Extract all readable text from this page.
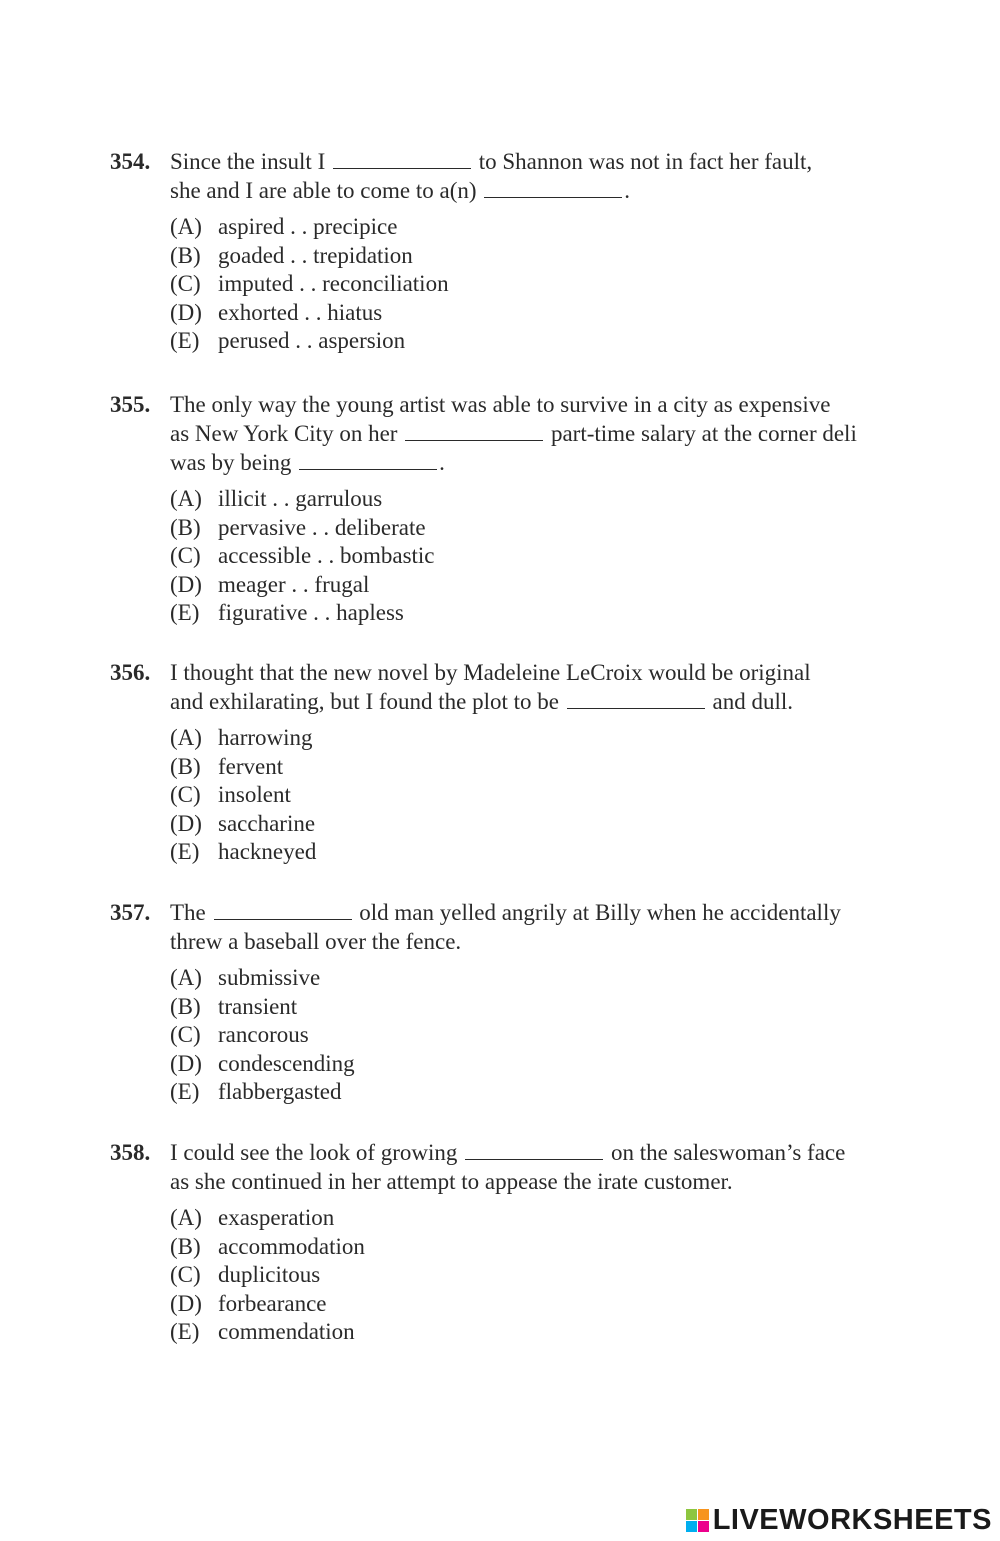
354. Since the insult I	to Shannon was not in fact her fault,
she and I are able to come to a(n)	.
(A) aspired . . precipice
(B) goaded . . trepidation
(C) imputed . . reconciliation
(D) exhorted . . hiatus
(E) perused . . aspersion
355. The only way the young artist was able to survive in a city as expensive
as New York City on her	part-time salary at the corner deli
was by being	.
(A) illicit . . garrulous
(B) pervasive . . deliberate
(C) accessible . . bombastic
(D) meager . . frugal
(E) figurative . . hapless
356. I thought that the new novel by Madeleine LeCroix would be original
and exhilarating, but I found the plot to be	and dull.
(A) harrowing
(B) fervent
(C) insolent
(D) saccharine
(E) hackneyed
357. The	old man yelled angrily at Billy when he accidentally
threw a baseball over the fence.
(A) submissive
(B) transient
(C) rancorous
(D) condescending
(E) flabbergasted
358. I could see the look of growing	on the saleswoman’s face
as she continued in her attempt to appease the irate customer.
(A) exasperation
(B) accommodation
(C) duplicitous
(D) forbearance
(E) commendation
LIVEWORKSHEETS
